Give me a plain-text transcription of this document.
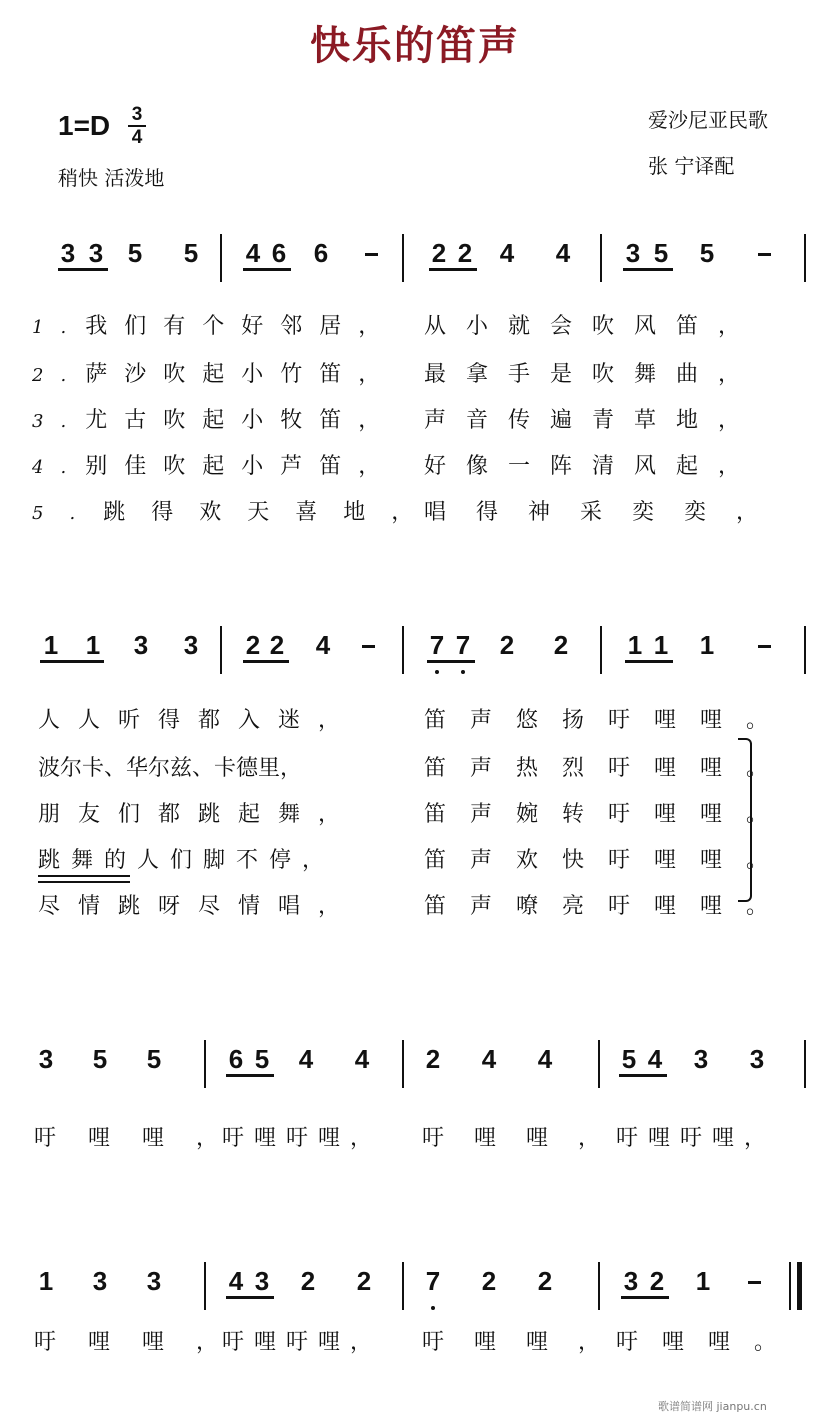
快乐的笛声
1=D	3
4
稍快 活泼地
爱沙尼亚民歌
张 宁译配
3 3 5 5 4 6 6	2 2 4 4 3 5 5
1.我们有个好邻居， 从小就会吹风笛，
2.萨沙吹起小竹笛， 最拿手是吹舞曲，
3.尤古吹起小牧笛， 声音传遍青草地，
4.别佳吹起小芦笛， 好像一阵清风起，
5.跳得欢天喜地，
唱得神采奕奕，
1 1 3 3 2 2 4	7 7 2 2 1 1 1
人人听得都入迷，	笛声悠扬吁哩哩。
波尔卡、华尔兹、卡德里，	笛声热烈吁哩哩。
朋友们都跳起舞，	笛声婉转吁哩哩。
跳舞的人们脚不停，	笛声欢快吁哩哩。
尽情跳呀尽情唱，	笛声嘹亮吁哩哩。
3 5 5	6 5 4 4 2 4 4	5 4 3 3
吁哩哩，
吁哩吁哩， 吁哩哩，
吁哩吁哩，
1 3 3	4 3 2 2 7 2 2	3 2 1
吁哩哩，
吁哩吁哩， 吁哩哩，
吁哩哩。
歌谱简谱网 jianpu.cn
